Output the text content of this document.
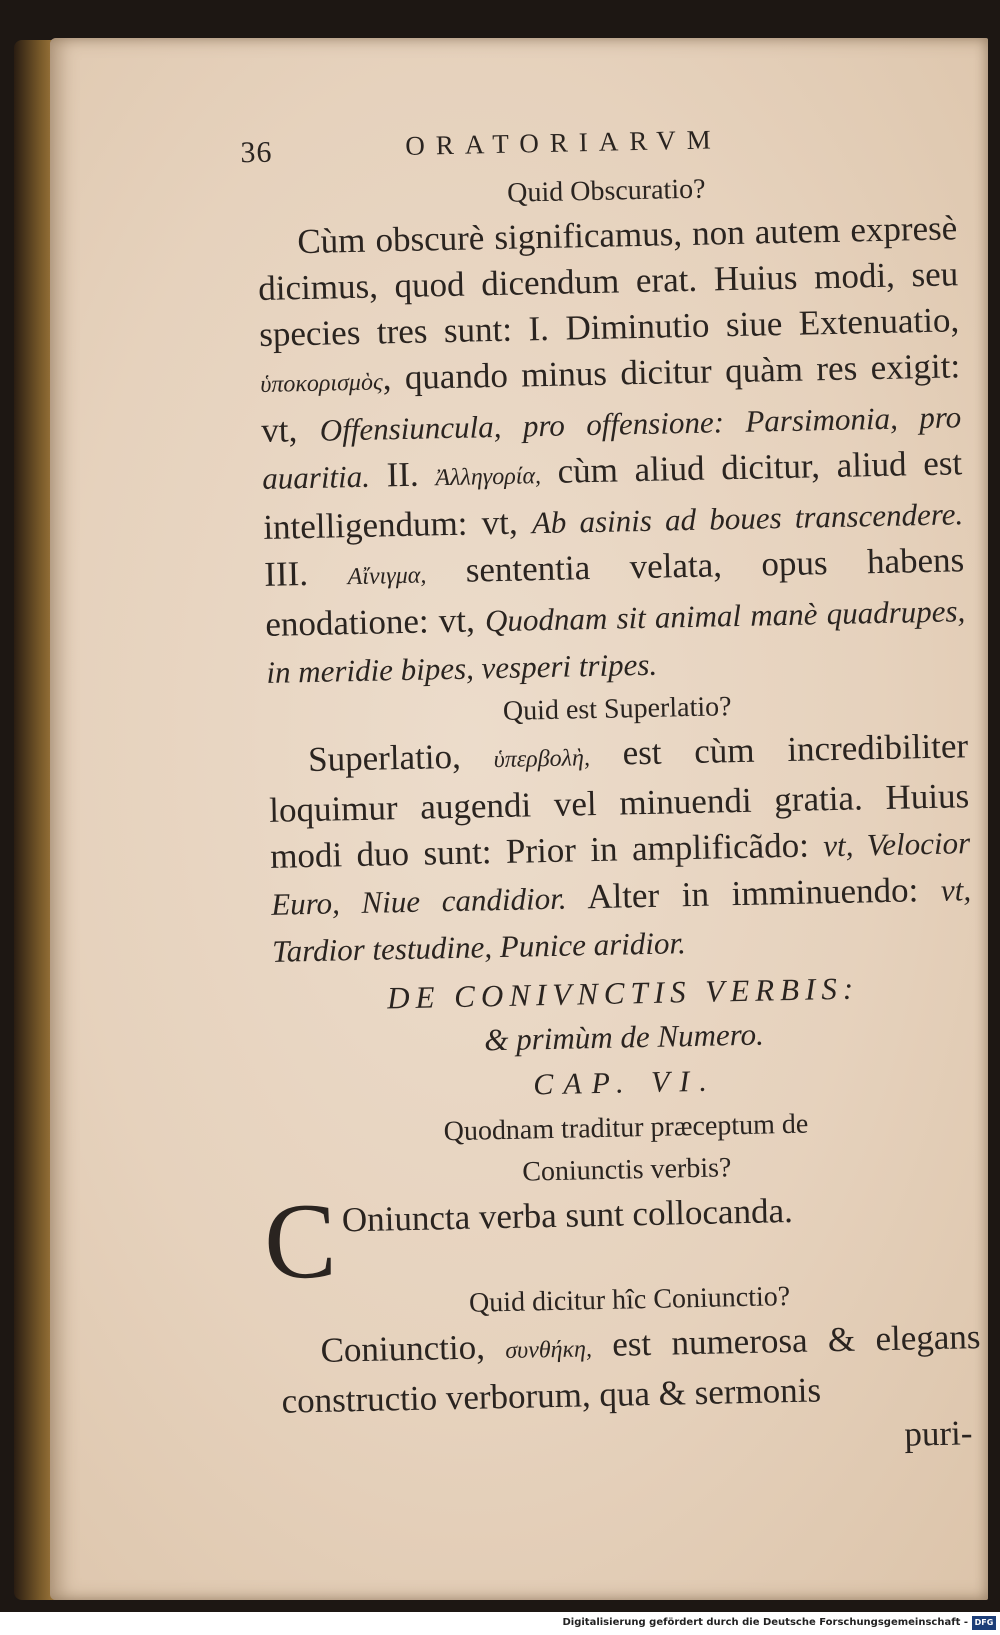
36	ORATORIARVM
Quid Obscuratio?

Cùm obscurè significamus, non autem expresè dicimus, quod dicendum erat. Huius modi, seu species tres sunt: I. Diminutio siue Extenuatio, ὑποκορισμὸς, quando minus dicitur quàm res exigit: vt, Offensiuncula, pro offensione: Parsimonia, pro auaritia. II. Ἀλληγορία, cùm aliud dicitur, aliud est intelligendum: vt, Ab asinis ad boues transcendere. III. Αἴνιγμα, sententia velata, opus habens enodatione: vt, Quodnam sit animal manè quadrupes, in meridie bipes, vesperi tripes.

Quid est Superlatio?

Superlatio, ὑπερβολὴ, est cùm incredibiliter loquimur augendi vel minuendi gratia. Huius modi duo sunt: Prior in amplificãdo: vt, Velocior Euro, Niue candidior. Alter in imminuendo: vt, Tardior testudine, Punice aridior.

DE CONIVNCTIS VERBIS:
& primùm de Numero.
CAP. VI.
Quodnam traditur præceptum de Coniunctis verbis?

C Oniuncta verba sunt collocanda.

Quid dicitur hîc Coniunctio?

Coniunctio, συνθήκη, est numerosa & elegans constructio verborum, qua & sermonis

puri-
Digitalisierung gefördert durch die Deutsche Forschungsgemeinschaft - DFG
